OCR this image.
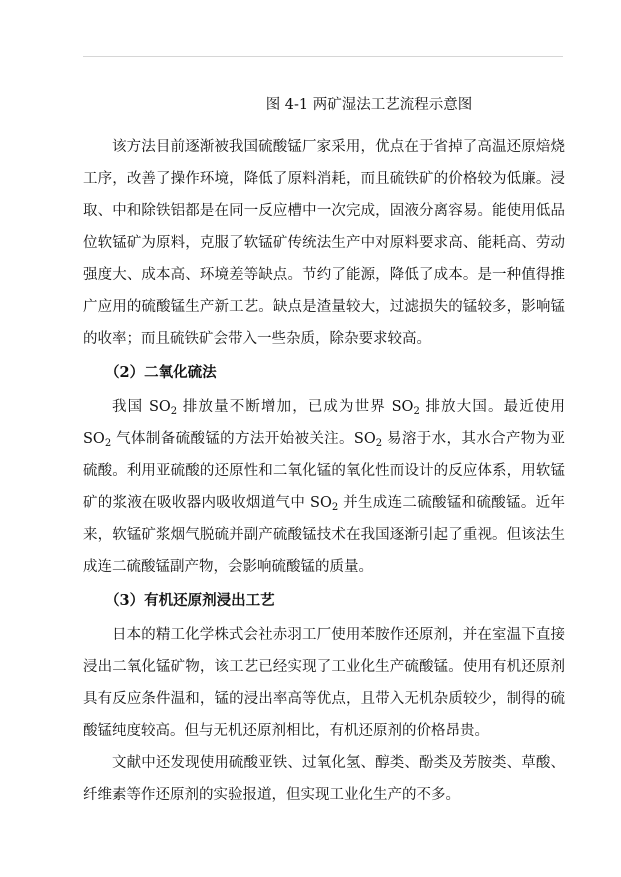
图 4-1 两矿湿法工艺流程示意图

该方法目前逐渐被我国硫酸锰厂家采用，优点在于省掉了高温还原焙烧工序，改善了操作环境，降低了原料消耗，而且硫铁矿的价格较为低廉。浸取、中和除铁铝都是在同一反应槽中一次完成，固液分离容易。能使用低品位软锰矿为原料，克服了软锰矿传统法生产中对原料要求高、能耗高、劳动强度大、成本高、环境差等缺点。节约了能源，降低了成本。是一种值得推广应用的硫酸锰生产新工艺。缺点是渣量较大，过滤损失的锰较多，影响锰的收率；而且硫铁矿会带入一些杂质，除杂要求较高。

（2）二氧化硫法

我国 $SO_2$ 排放量不断增加，已成为世界 $SO_2$ 排放大国。最近使用 $SO_2$ 气体制备硫酸锰的方法开始被关注。$SO_2$ 易溶于水，其水合产物为亚硫酸。利用亚硫酸的还原性和二氧化锰的氧化性而设计的反应体系，用软锰矿的浆液在吸收器内吸收烟道气中 $SO_2$ 并生成连二硫酸锰和硫酸锰。近年来，软锰矿浆烟气脱硫并副产硫酸锰技术在我国逐渐引起了重视。但该法生成连二硫酸锰副产物，会影响硫酸锰的质量。

（3）有机还原剂浸出工艺

日本的精工化学株式会社赤羽工厂使用苯胺作还原剂，并在室温下直接浸出二氧化锰矿物，该工艺已经实现了工业化生产硫酸锰。使用有机还原剂具有反应条件温和，锰的浸出率高等优点，且带入无机杂质较少，制得的硫酸锰纯度较高。但与无机还原剂相比，有机还原剂的价格昂贵。

文献中还发现使用硫酸亚铁、过氧化氢、醇类、酚类及芳胺类、草酸、纤维素等作还原剂的实验报道，但实现工业化生产的不多。
